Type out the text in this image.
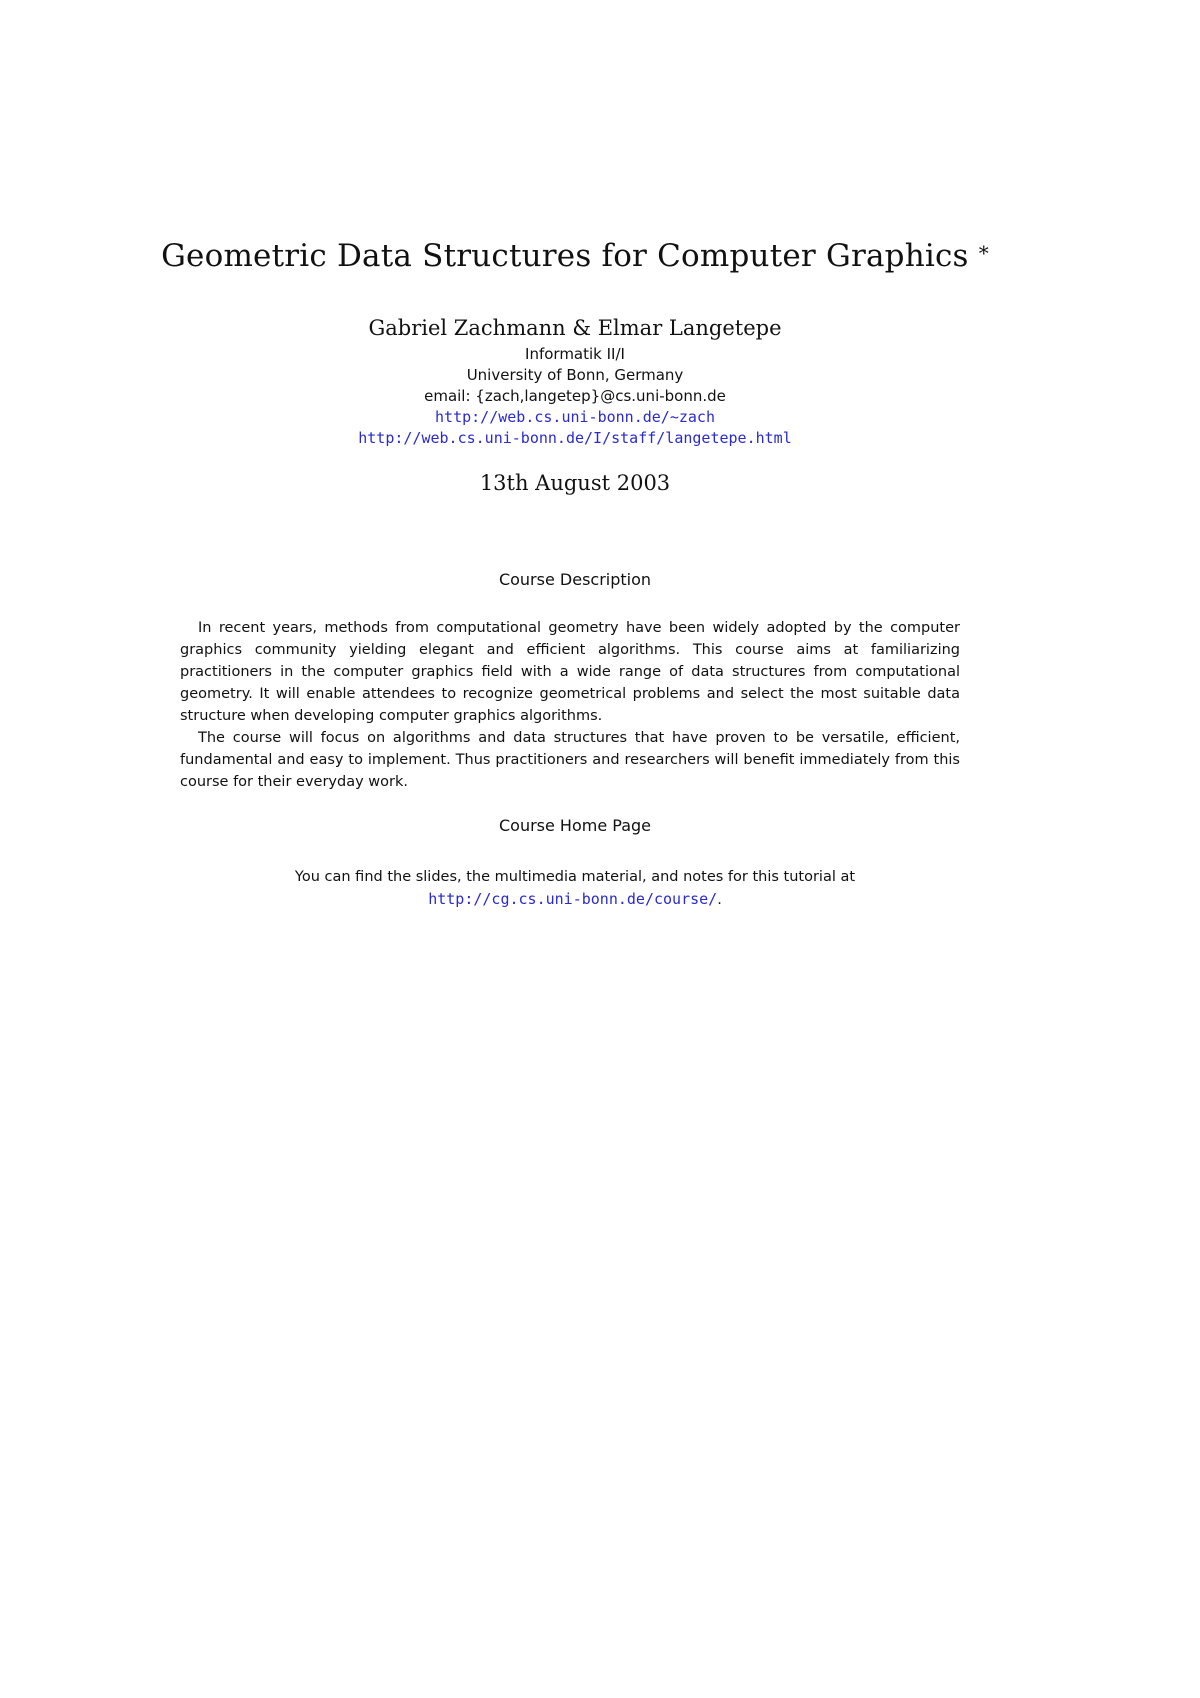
Geometric Data Structures for Computer Graphics *
Gabriel Zachmann & Elmar Langetepe
Informatik II/I
University of Bonn, Germany
email: {zach,langetep}@cs.uni-bonn.de
http://web.cs.uni-bonn.de/~zach
http://web.cs.uni-bonn.de/I/staff/langetepe.html
13th August 2003
Course Description

In recent years, methods from computational geometry have been widely adopted by the computer graphics community yielding elegant and efficient algorithms. This course aims at familiarizing practitioners in the computer graphics field with a wide range of data structures from computational geometry. It will enable attendees to recognize geometrical problems and select the most suitable data structure when developing computer graphics algorithms.

The course will focus on algorithms and data structures that have proven to be versatile, efficient, fundamental and easy to implement. Thus practitioners and researchers will benefit immediately from this course for their everyday work.

Course Home Page
You can find the slides, the multimedia material, and notes for this tutorial at
http://cg.cs.uni-bonn.de/course/.
